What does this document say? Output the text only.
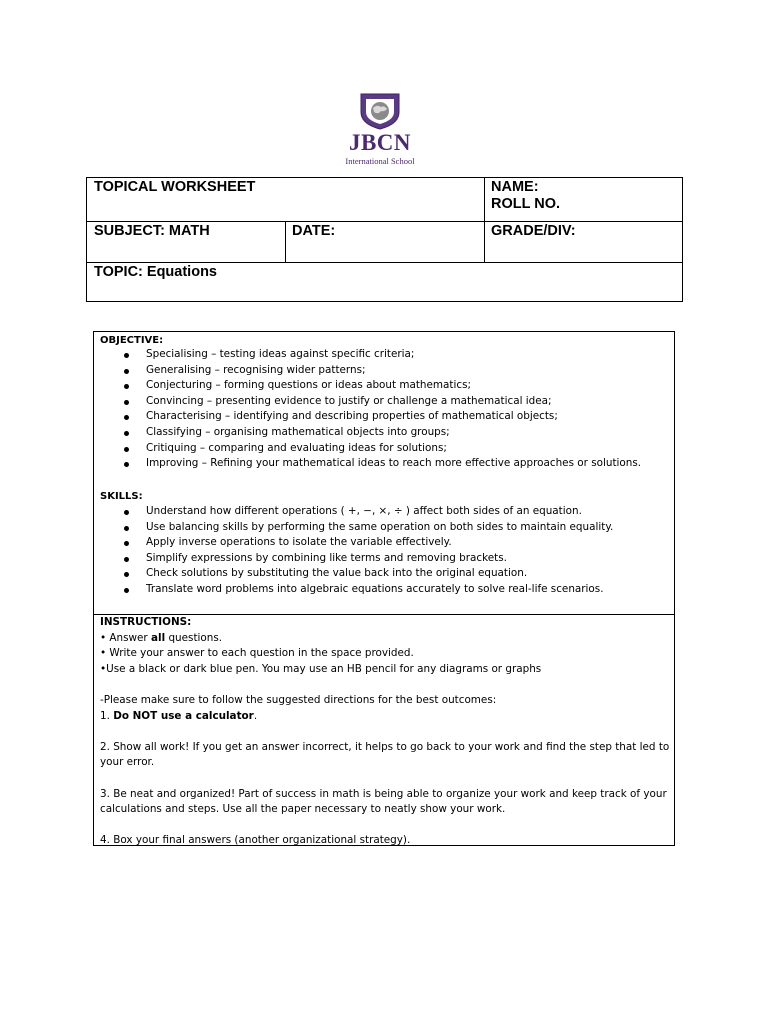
JBCN
International School
TOPICAL WORKSHEET	NAME:
ROLL NO.
SUBJECT: MATH	DATE:	GRADE/DIV:
TOPIC: Equations
OBJECTIVE:
Specialising – testing ideas against specific criteria;
Generalising – recognising wider patterns;
Conjecturing – forming questions or ideas about mathematics;
Convincing – presenting evidence to justify or challenge a mathematical idea;
Characterising – identifying and describing properties of mathematical objects;
Classifying – organising mathematical objects into groups;
Critiquing – comparing and evaluating ideas for solutions;
Improving – Refining your mathematical ideas to reach more effective approaches or solutions.
SKILLS:
Understand how different operations ( +, −, ×, ÷ ) affect both sides of an equation.
Use balancing skills by performing the same operation on both sides to maintain equality.
Apply inverse operations to isolate the variable effectively.
Simplify expressions by combining like terms and removing brackets.
Check solutions by substituting the value back into the original equation.
Translate word problems into algebraic equations accurately to solve real-life scenarios.

INSTRUCTIONS:

• Answer all questions.

• Write your answer to each question in the space provided.

•Use a black or dark blue pen. You may use an HB pencil for any diagrams or graphs

-Please make sure to follow the suggested directions for the best outcomes:

1. Do NOT use a calculator.

2. Show all work! If you get an answer incorrect, it helps to go back to your work and find the step that led to your error.

3. Be neat and organized! Part of success in math is being able to organize your work and keep track of your calculations and steps. Use all the paper necessary to neatly show your work.

4. Box your final answers (another organizational strategy).
